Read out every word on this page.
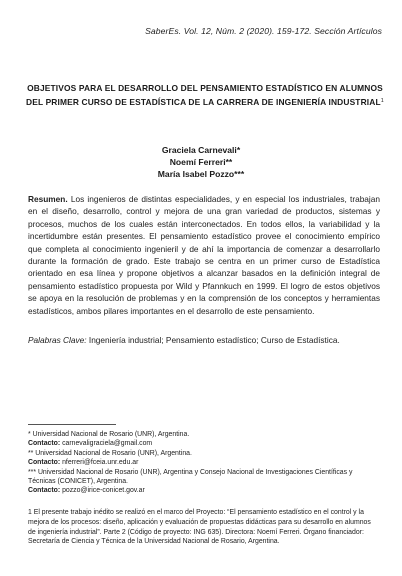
SaberEs. Vol. 12, Núm. 2 (2020). 159-172. Sección Artículos
OBJETIVOS PARA EL DESARROLLO DEL PENSAMIENTO ESTADÍSTICO EN ALUMNOS DEL PRIMER CURSO DE ESTADÍSTICA DE LA CARRERA DE INGENIERÍA INDUSTRIAL$^1$
Graciela Carnevali*
Noemí Ferreri**
María Isabel Pozzo***
Resumen. Los ingenieros de distintas especialidades, y en especial los industriales, trabajan en el diseño, desarrollo, control y mejora de una gran variedad de productos, sistemas y procesos, muchos de los cuales están interconectados. En todos ellos, la variabilidad y la incertidumbre están presentes. El pensamiento estadístico provee el conocimiento empírico que completa al conocimiento ingenieril y de ahí la importancia de comenzar a desarrollarlo durante la formación de grado. Este trabajo se centra en un primer curso de Estadística orientado en esa línea y propone objetivos a alcanzar basados en la definición integral de pensamiento estadístico propuesta por Wild y Pfannkuch en 1999. El logro de estos objetivos se apoya en la resolución de problemas y en la comprensión de los conceptos y herramientas estadísticos, ambos pilares importantes en el desarrollo de este pensamiento.
Palabras Clave: Ingeniería industrial; Pensamiento estadístico; Curso de Estadística.
* Universidad Nacional de Rosario (UNR), Argentina.
Contacto: carnevaligraciela@gmail.com
** Universidad Nacional de Rosario (UNR), Argentina.
Contacto: nferreri@fceia.unr.edu.ar
*** Universidad Nacional de Rosario (UNR), Argentina y Consejo Nacional de Investigaciones Científicas y Técnicas (CONICET), Argentina.
Contacto: pozzo@irice-conicet.gov.ar
1 El presente trabajo inédito se realizó en el marco del Proyecto: “El pensamiento estadístico en el control y la mejora de los procesos: diseño, aplicación y evaluación de propuestas didácticas para su desarrollo en alumnos de ingeniería industrial”. Parte 2 (Código de proyecto: ING 635). Directora: Noemí Ferreri. Órgano financiador: Secretaría de Ciencia y Técnica de la Universidad Nacional de Rosario, Argentina.
